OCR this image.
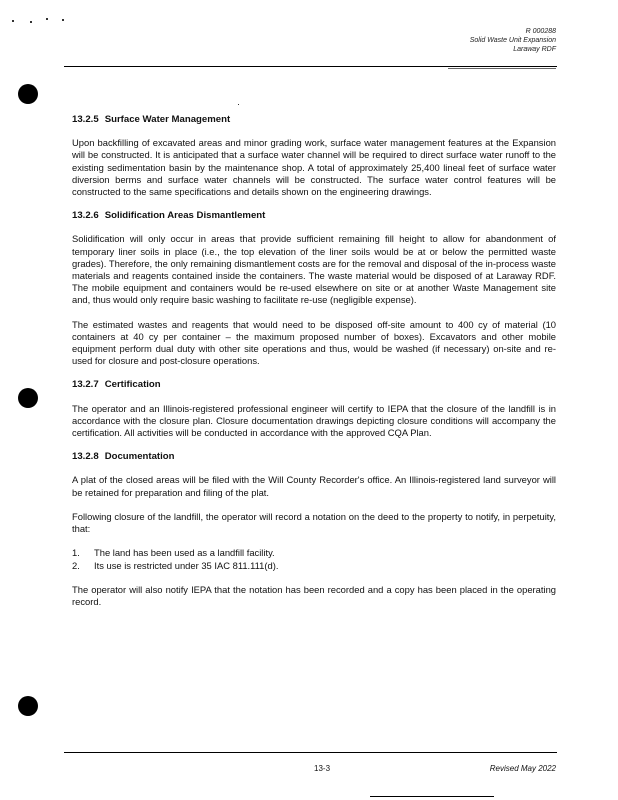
R 000288
Solid Waste Unit Expansion
Laraway RDF
13.2.5 Surface Water Management

Upon backfilling of excavated areas and minor grading work, surface water management features at the Expansion will be constructed. It is anticipated that a surface water channel will be required to direct surface water runoff to the existing sedimentation basin by the maintenance shop. A total of approximately 25,400 lineal feet of surface water diversion berms and surface water channels will be constructed. The surface water control features will be constructed to the same specifications and details shown on the engineering drawings.

13.2.6 Solidification Areas Dismantlement

Solidification will only occur in areas that provide sufficient remaining fill height to allow for abandonment of temporary liner soils in place (i.e., the top elevation of the liner soils would be at or below the permitted waste grades). Therefore, the only remaining dismantlement costs are for the removal and disposal of the in-process waste materials and reagents contained inside the containers. The waste material would be disposed of at Laraway RDF. The mobile equipment and containers would be re-used elsewhere on site or at another Waste Management site and, thus would only require basic washing to facilitate re-use (negligible expense).

The estimated wastes and reagents that would need to be disposed off-site amount to 400 cy of material (10 containers at 40 cy per container – the maximum proposed number of boxes). Excavators and other mobile equipment perform dual duty with other site operations and thus, would be washed (if necessary) on-site and re-used for closure and post-closure operations.

13.2.7 Certification

The operator and an Illinois-registered professional engineer will certify to IEPA that the closure of the landfill is in accordance with the closure plan. Closure documentation drawings depicting closure conditions will accompany the certification. All activities will be conducted in accordance with the approved CQA Plan.

13.2.8 Documentation

A plat of the closed areas will be filed with the Will County Recorder's office. An Illinois-registered land surveyor will be retained for preparation and filing of the plat.

Following closure of the landfill, the operator will record a notation on the deed to the property to notify, in perpetuity, that:

1.	The land has been used as a landfill facility.
2.	Its use is restricted under 35 IAC 811.111(d).

The operator will also notify IEPA that the notation has been recorded and a copy has been placed in the operating record.

13-3	Revised May 2022
